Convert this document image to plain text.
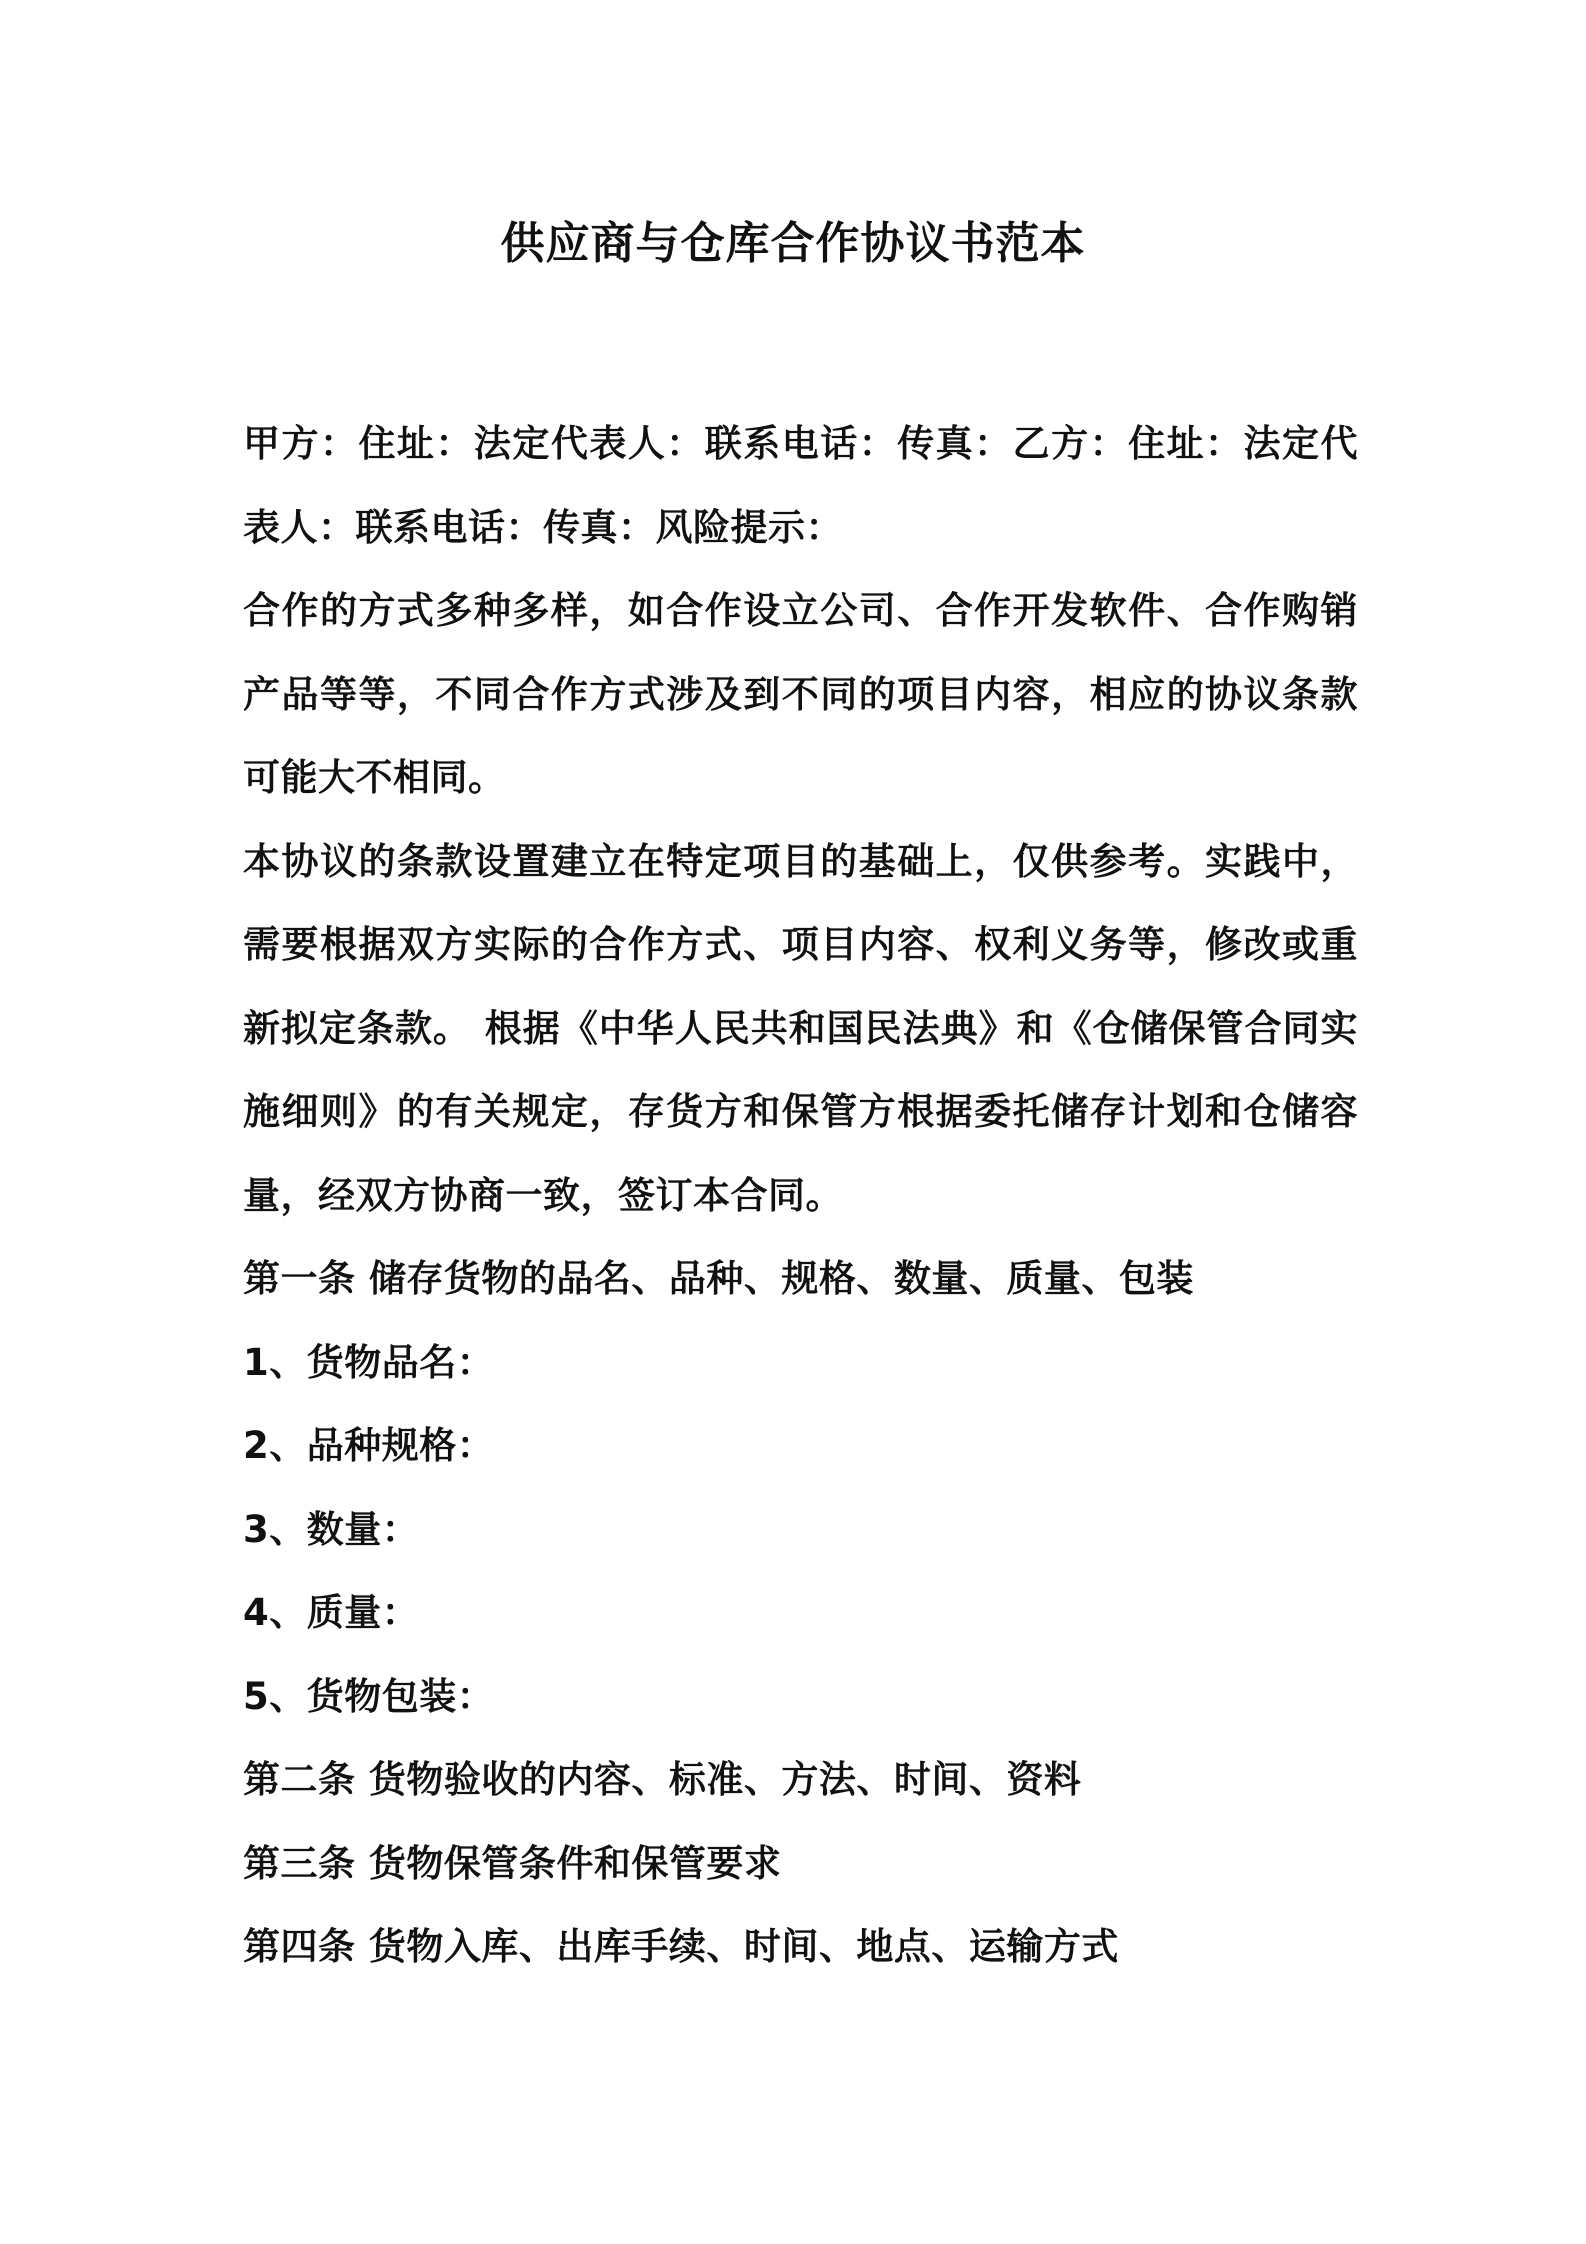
供应商与仓库合作协议书范本

甲方：住址：法定代表人：联系电话：传真：乙方：住址：法定代表人：联系电话：传真：风险提示：

合作的方式多种多样，如合作设立公司、合作开发软件、合作购销产品等等，不同合作方式涉及到不同的项目内容，相应的协议条款可能大不相同。

本协议的条款设置建立在特定项目的基础上，仅供参考。实践中，需要根据双方实际的合作方式、项目内容、权利义务等，修改或重新拟定条款。 根据《中华人民共和国民法典》和《仓储保管合同实施细则》的有关规定，存货方和保管方根据委托储存计划和仓储容量，经双方协商一致，签订本合同。

第一条 储存货物的品名、品种、规格、数量、质量、包装

1、货物品名：

2、品种规格：

3、数量：

4、质量：

5、货物包装：

第二条 货物验收的内容、标准、方法、时间、资料

第三条 货物保管条件和保管要求

第四条 货物入库、出库手续、时间、地点、运输方式
